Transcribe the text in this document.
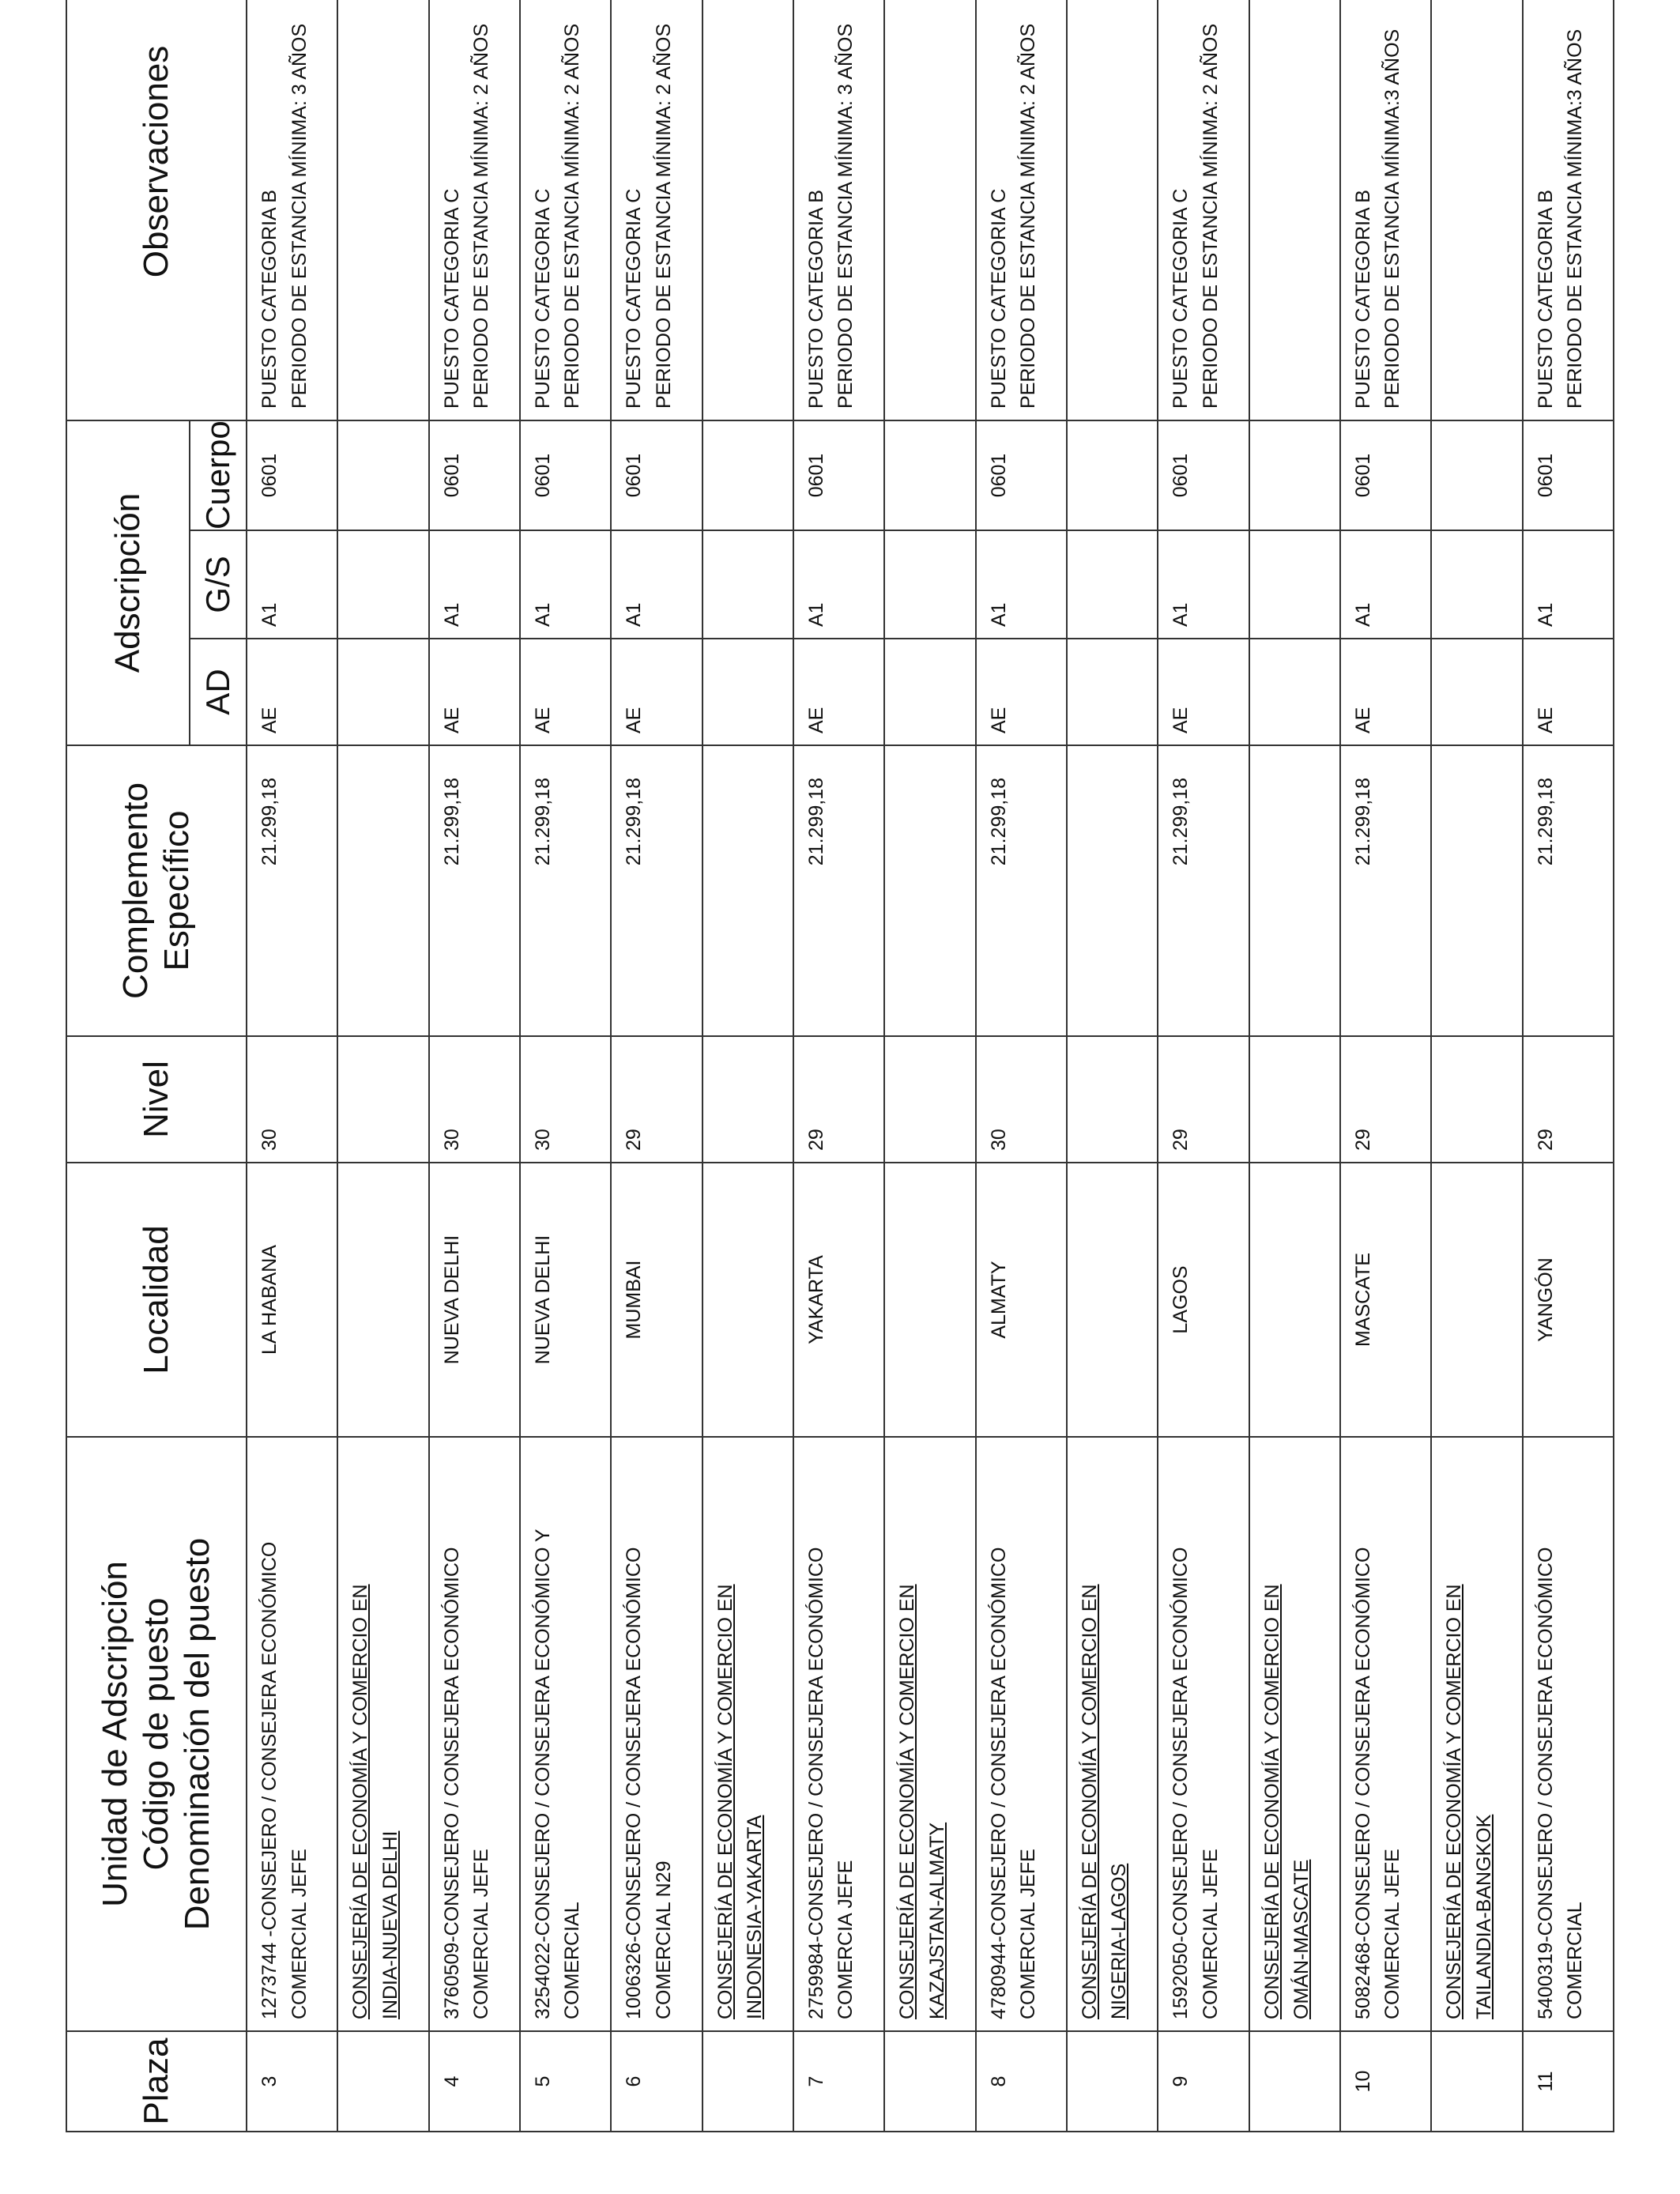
Plaza	Unidad de Adscripción Código de puesto Denominación del puesto	Localidad	Nivel	Complemento Específico	Adscripción			Observaciones
					AD	G/S	Cuerpo	

3	1273744 -CONSEJERO / CONSEJERA ECONÓMICO COMERCIAL JEFE	LA HABANA	30	21.299,18	AE	A1	0601	PUESTO CATEGORIA B PERIODO DE ESTANCIA MÍNIMA: 3 AÑOS

	CONSEJERÍA DE ECONOMÍA Y COMERCIO EN INDIA-NUEVA DELHI							

4	3760509-CONSEJERO / CONSEJERA ECONÓMICO COMERCIAL JEFE	NUEVA DELHI	30	21.299,18	AE	A1	0601	PUESTO CATEGORIA C PERIODO DE ESTANCIA MÍNIMA: 2 AÑOS

5	3254022-CONSEJERO / CONSEJERA ECONÓMICO Y COMERCIAL	NUEVA DELHI	30	21.299,18	AE	A1	0601	PUESTO CATEGORIA C PERIODO DE ESTANCIA MÍNIMA: 2 AÑOS

6	1006326-CONSEJERO / CONSEJERA ECONÓMICO COMERCIAL N29	MUMBAI	29	21.299,18	AE	A1	0601	PUESTO CATEGORIA C PERIODO DE ESTANCIA MÍNIMA: 2 AÑOS

	CONSEJERÍA DE ECONOMÍA Y COMERCIO EN INDONESIA-YAKARTA							

7	2759984-CONSEJERO / CONSEJERA ECONÓMICO COMERCIA JEFE	YAKARTA	29	21.299,18	AE	A1	0601	PUESTO CATEGORIA B PERIODO DE ESTANCIA MÍNIMA: 3 AÑOS

	CONSEJERÍA DE ECONOMÍA Y COMERCIO EN KAZAJSTAN-ALMATY							

8	4780944-CONSEJERO / CONSEJERA ECONÓMICO COMERCIAL JEFE	ALMATY	30	21.299,18	AE	A1	0601	PUESTO CATEGORIA C PERIODO DE ESTANCIA MÍNIMA: 2 AÑOS

	CONSEJERÍA DE ECONOMÍA Y COMERCIO EN NIGERIA-LAGOS							

9	1592050-CONSEJERO / CONSEJERA ECONÓMICO COMERCIAL JEFE	LAGOS	29	21.299,18	AE	A1	0601	PUESTO CATEGORIA C PERIODO DE ESTANCIA MÍNIMA: 2 AÑOS

	CONSEJERÍA DE ECONOMÍA Y COMERCIO EN OMÁN-MASCATE							

10	5082468-CONSEJERO / CONSEJERA ECONÓMICO COMERCIAL JEFE	MASCATE	29	21.299,18	AE	A1	0601	PUESTO CATEGORIA B PERIODO DE ESTANCIA MÍNIMA:3 AÑOS

	CONSEJERÍA DE ECONOMÍA Y COMERCIO EN TAILANDIA-BANGKOK							

11	5400319-CONSEJERO / CONSEJERA ECONÓMICO COMERCIAL	YANGÓN	29	21.299,18	AE	A1	0601	PUESTO CATEGORIA B PERIODO DE ESTANCIA MÍNIMA:3 AÑOS
